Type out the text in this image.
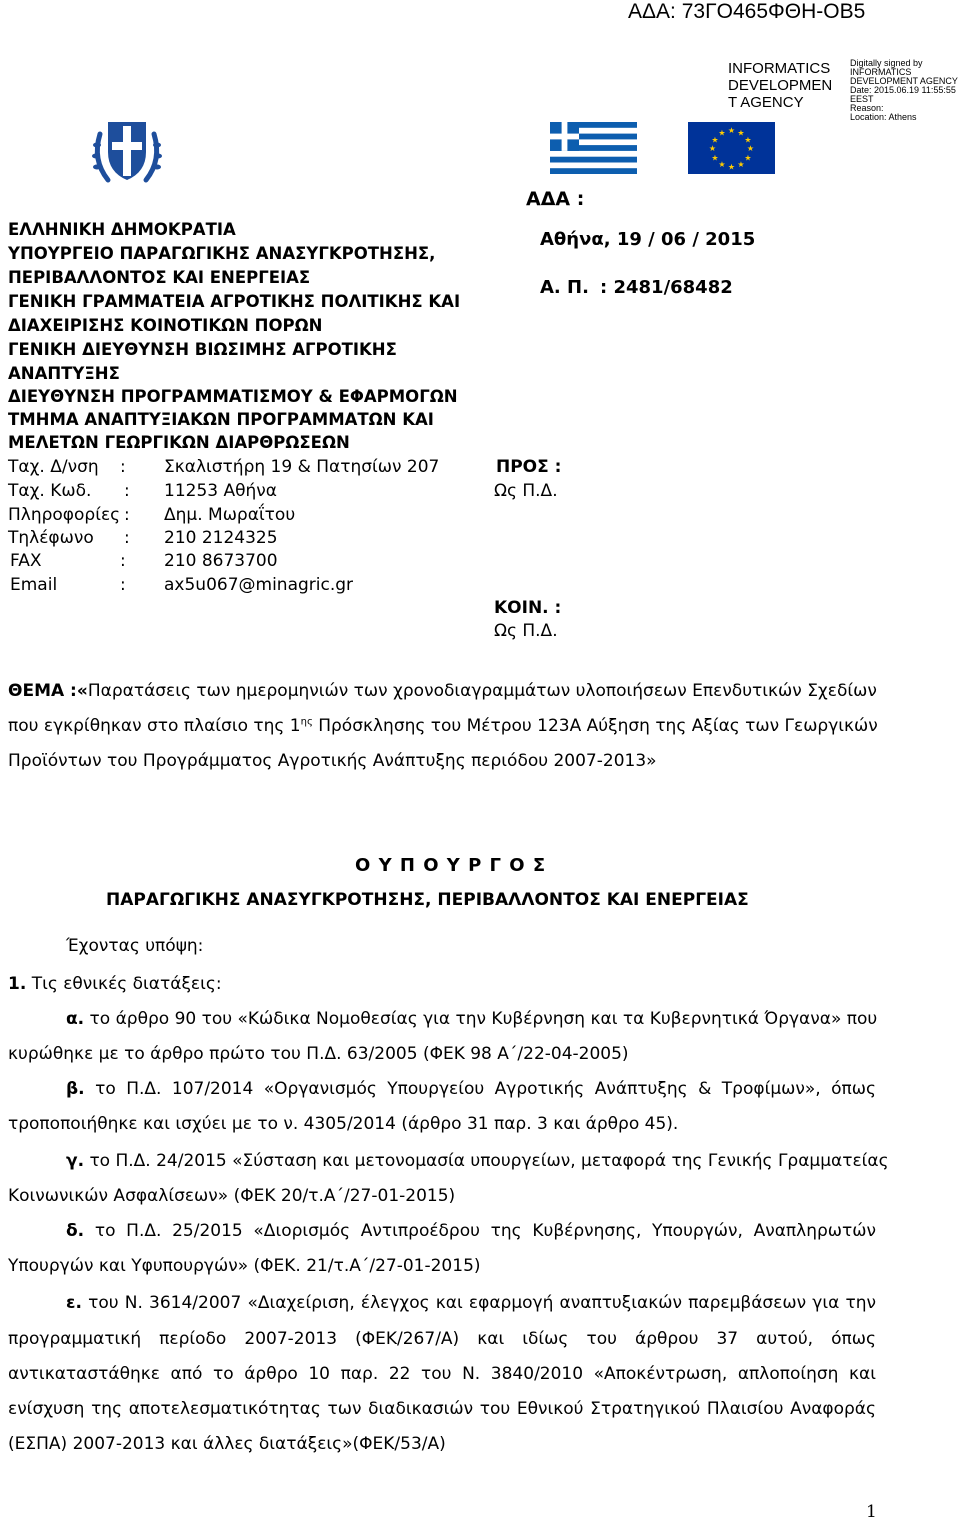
ΑΔΑ: 73ΓΟ465ΦΘΗ-ΟΒ5
INFORMATICS
DEVELOPMEN
T AGENCY
Digitally signed by
INFORMATICS
DEVELOPMENT AGENCY
Date: 2015.06.19 11:55:55
EEST
Reason:
Location: Athens
★ ★
★
★
★
★
★
★
★
★
★
★
ΑΔΑ :
Αθήνα, 19 / 06 / 2015
Α. Π. : 2481/68482
ΕΛΛΗΝΙΚΗ ΔΗΜΟΚΡΑΤΙΑ
ΥΠΟΥΡΓΕΙΟ ΠΑΡΑΓΩΓΙΚΗΣ ΑΝΑΣΥΓΚΡΟΤΗΣΗΣ,
ΠΕΡΙΒΑΛΛΟΝΤΟΣ ΚΑΙ ΕΝΕΡΓΕΙΑΣ
ΓΕΝΙΚΗ ΓΡΑΜΜΑΤΕΙΑ ΑΓΡΟΤΙΚΗΣ ΠΟΛΙΤΙΚΗΣ ΚΑΙ
ΔΙΑΧΕΙΡΙΣΗΣ ΚΟΙΝΟΤΙΚΩΝ ΠΟΡΩΝ
ΓΕΝΙΚΗ ΔΙΕΥΘΥΝΣΗ ΒΙΩΣΙΜΗΣ ΑΓΡΟΤΙΚΗΣ
ΑΝΑΠΤΥΞΗΣ
ΔΙΕΥΘΥΝΣΗ ΠΡΟΓΡΑΜΜΑΤΙΣΜΟΥ & ΕΦΑΡΜΟΓΩΝ
ΤΜΗΜΑ ΑΝΑΠΤΥΞΙΑΚΩΝ ΠΡΟΓΡΑΜΜΑΤΩΝ ΚΑΙ
ΜΕΛΕΤΩΝ ΓΕΩΡΓΙΚΩΝ ΔΙΑΡΘΡΩΣΕΩΝ
Ταχ. Δ/νση : Σκαλιστήρη 19 & Πατησίων 207
Ταχ. Κωδ. : 11253 Αθήνα
Πληροφορίες : Δημ. Μωραΐτου
Τηλέφωνο : 210 2124325
FAX	: 210 8673700
Email	: ax5u067@minagric.gr
ΠΡΟΣ :
Ως Π.Δ.
ΚΟΙΝ. :
Ως Π.Δ.
ΘΕΜΑ :«Παρατάσεις των ημερομηνιών των χρονοδιαγραμμάτων υλοποιήσεων Επενδυτικών Σχεδίων
που εγκρίθηκαν στο πλαίσιο της $1^{\eta\varsigma}$ Πρόσκλησης του Μέτρου 123Α Αύξηση της Αξίας των Γεωργικών
Προϊόντων του Προγράμματος Αγροτικής Ανάπτυξης περιόδου 2007-2013»
Ο Υ Π Ο Υ Ρ Γ Ο Σ
ΠΑΡΑΓΩΓΙΚΗΣ ΑΝΑΣΥΓΚΡΟΤΗΣΗΣ, ΠΕΡΙΒΑΛΛΟΝΤΟΣ ΚΑΙ ΕΝΕΡΓΕΙΑΣ
Έχοντας υπόψη:
1. Τις εθνικές διατάξεις:
α. το άρθρο 90 του «Κώδικα Νομοθεσίας για την Κυβέρνηση και τα Κυβερνητικά Όργανα» που
κυρώθηκε με το άρθρο πρώτο του Π.Δ. 63/2005 (ΦΕΚ 98 Α΄/22-04-2005)
β. το Π.Δ. 107/2014 «Οργανισμός Υπουργείου Αγροτικής Ανάπτυξης & Τροφίμων», όπως
τροποποιήθηκε και ισχύει με το ν. 4305/2014 (άρθρο 31 παρ. 3 και άρθρο 45).
γ. το Π.Δ. 24/2015 «Σύσταση και μετονομασία υπουργείων, μεταφορά της Γενικής Γραμματείας
Κοινωνικών Ασφαλίσεων» (ΦΕΚ 20/τ.Α΄/27-01-2015)
δ. το Π.Δ. 25/2015 «Διορισμός Αντιπροέδρου της Κυβέρνησης, Υπουργών, Αναπληρωτών
Υπουργών και Υφυπουργών» (ΦΕΚ. 21/τ.Α΄/27-01-2015)
ε. του Ν. 3614/2007 «Διαχείριση, έλεγχος και εφαρμογή αναπτυξιακών παρεμβάσεων για την
προγραμματική περίοδο 2007-2013 (ΦΕΚ/267/Α) και ιδίως του άρθρου 37 αυτού, όπως
αντικαταστάθηκε από το άρθρο 10 παρ. 22 του Ν. 3840/2010 «Αποκέντρωση, απλοποίηση και
ενίσχυση της αποτελεσματικότητας των διαδικασιών του Εθνικού Στρατηγικού Πλαισίου Αναφοράς
(ΕΣΠΑ) 2007-2013 και άλλες διατάξεις»(ΦΕΚ/53/Α)
1
